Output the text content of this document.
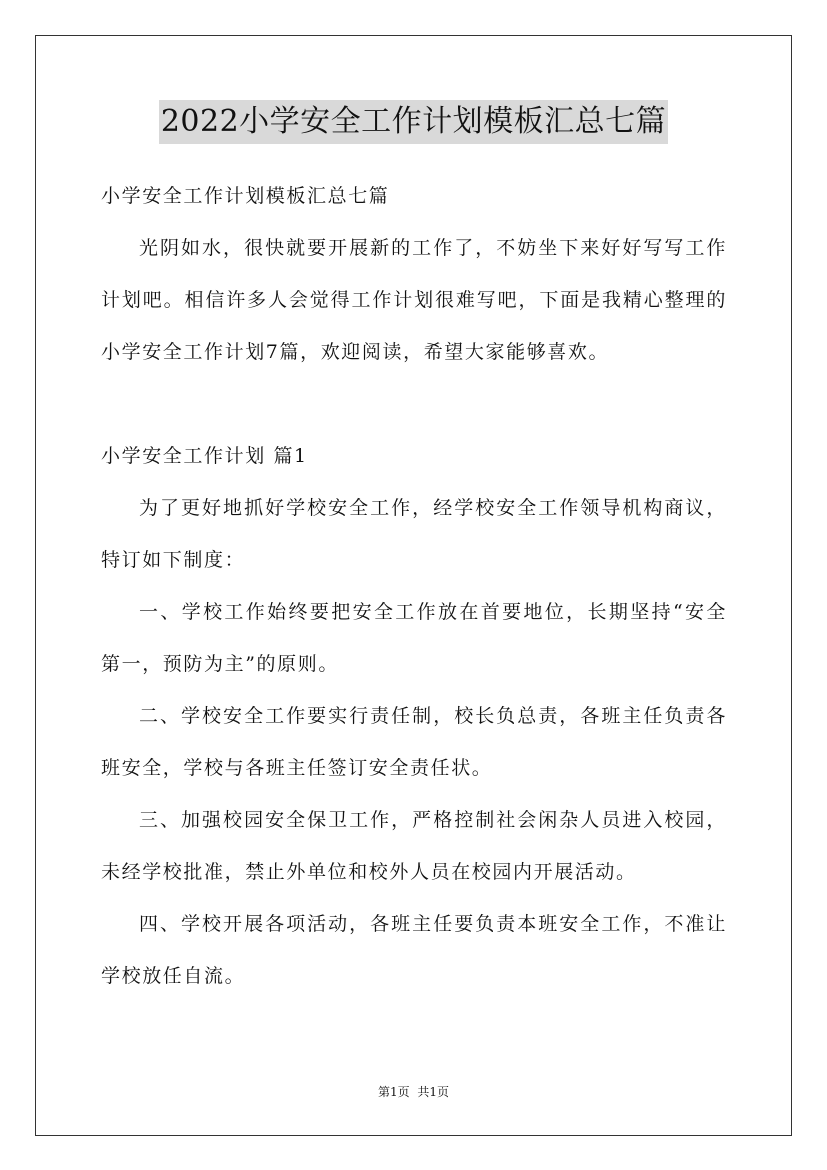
2022小学安全工作计划模板汇总七篇

小学安全工作计划模板汇总七篇

光阴如水，很快就要开展新的工作了，不妨坐下来好好写写工作计划吧。相信许多人会觉得工作计划很难写吧，下面是我精心整理的小学安全工作计划7篇，欢迎阅读，希望大家能够喜欢。

小学安全工作计划 篇1

为了更好地抓好学校安全工作，经学校安全工作领导机构商议，特订如下制度：

一、学校工作始终要把安全工作放在首要地位，长期坚持“安全第一，预防为主”的原则。

二、学校安全工作要实行责任制，校长负总责，各班主任负责各班安全，学校与各班主任签订安全责任状。

三、加强校园安全保卫工作，严格控制社会闲杂人员进入校园，未经学校批准，禁止外单位和校外人员在校园内开展活动。

四、学校开展各项活动，各班主任要负责本班安全工作，不准让学校放任自流。

第1页 共1页
